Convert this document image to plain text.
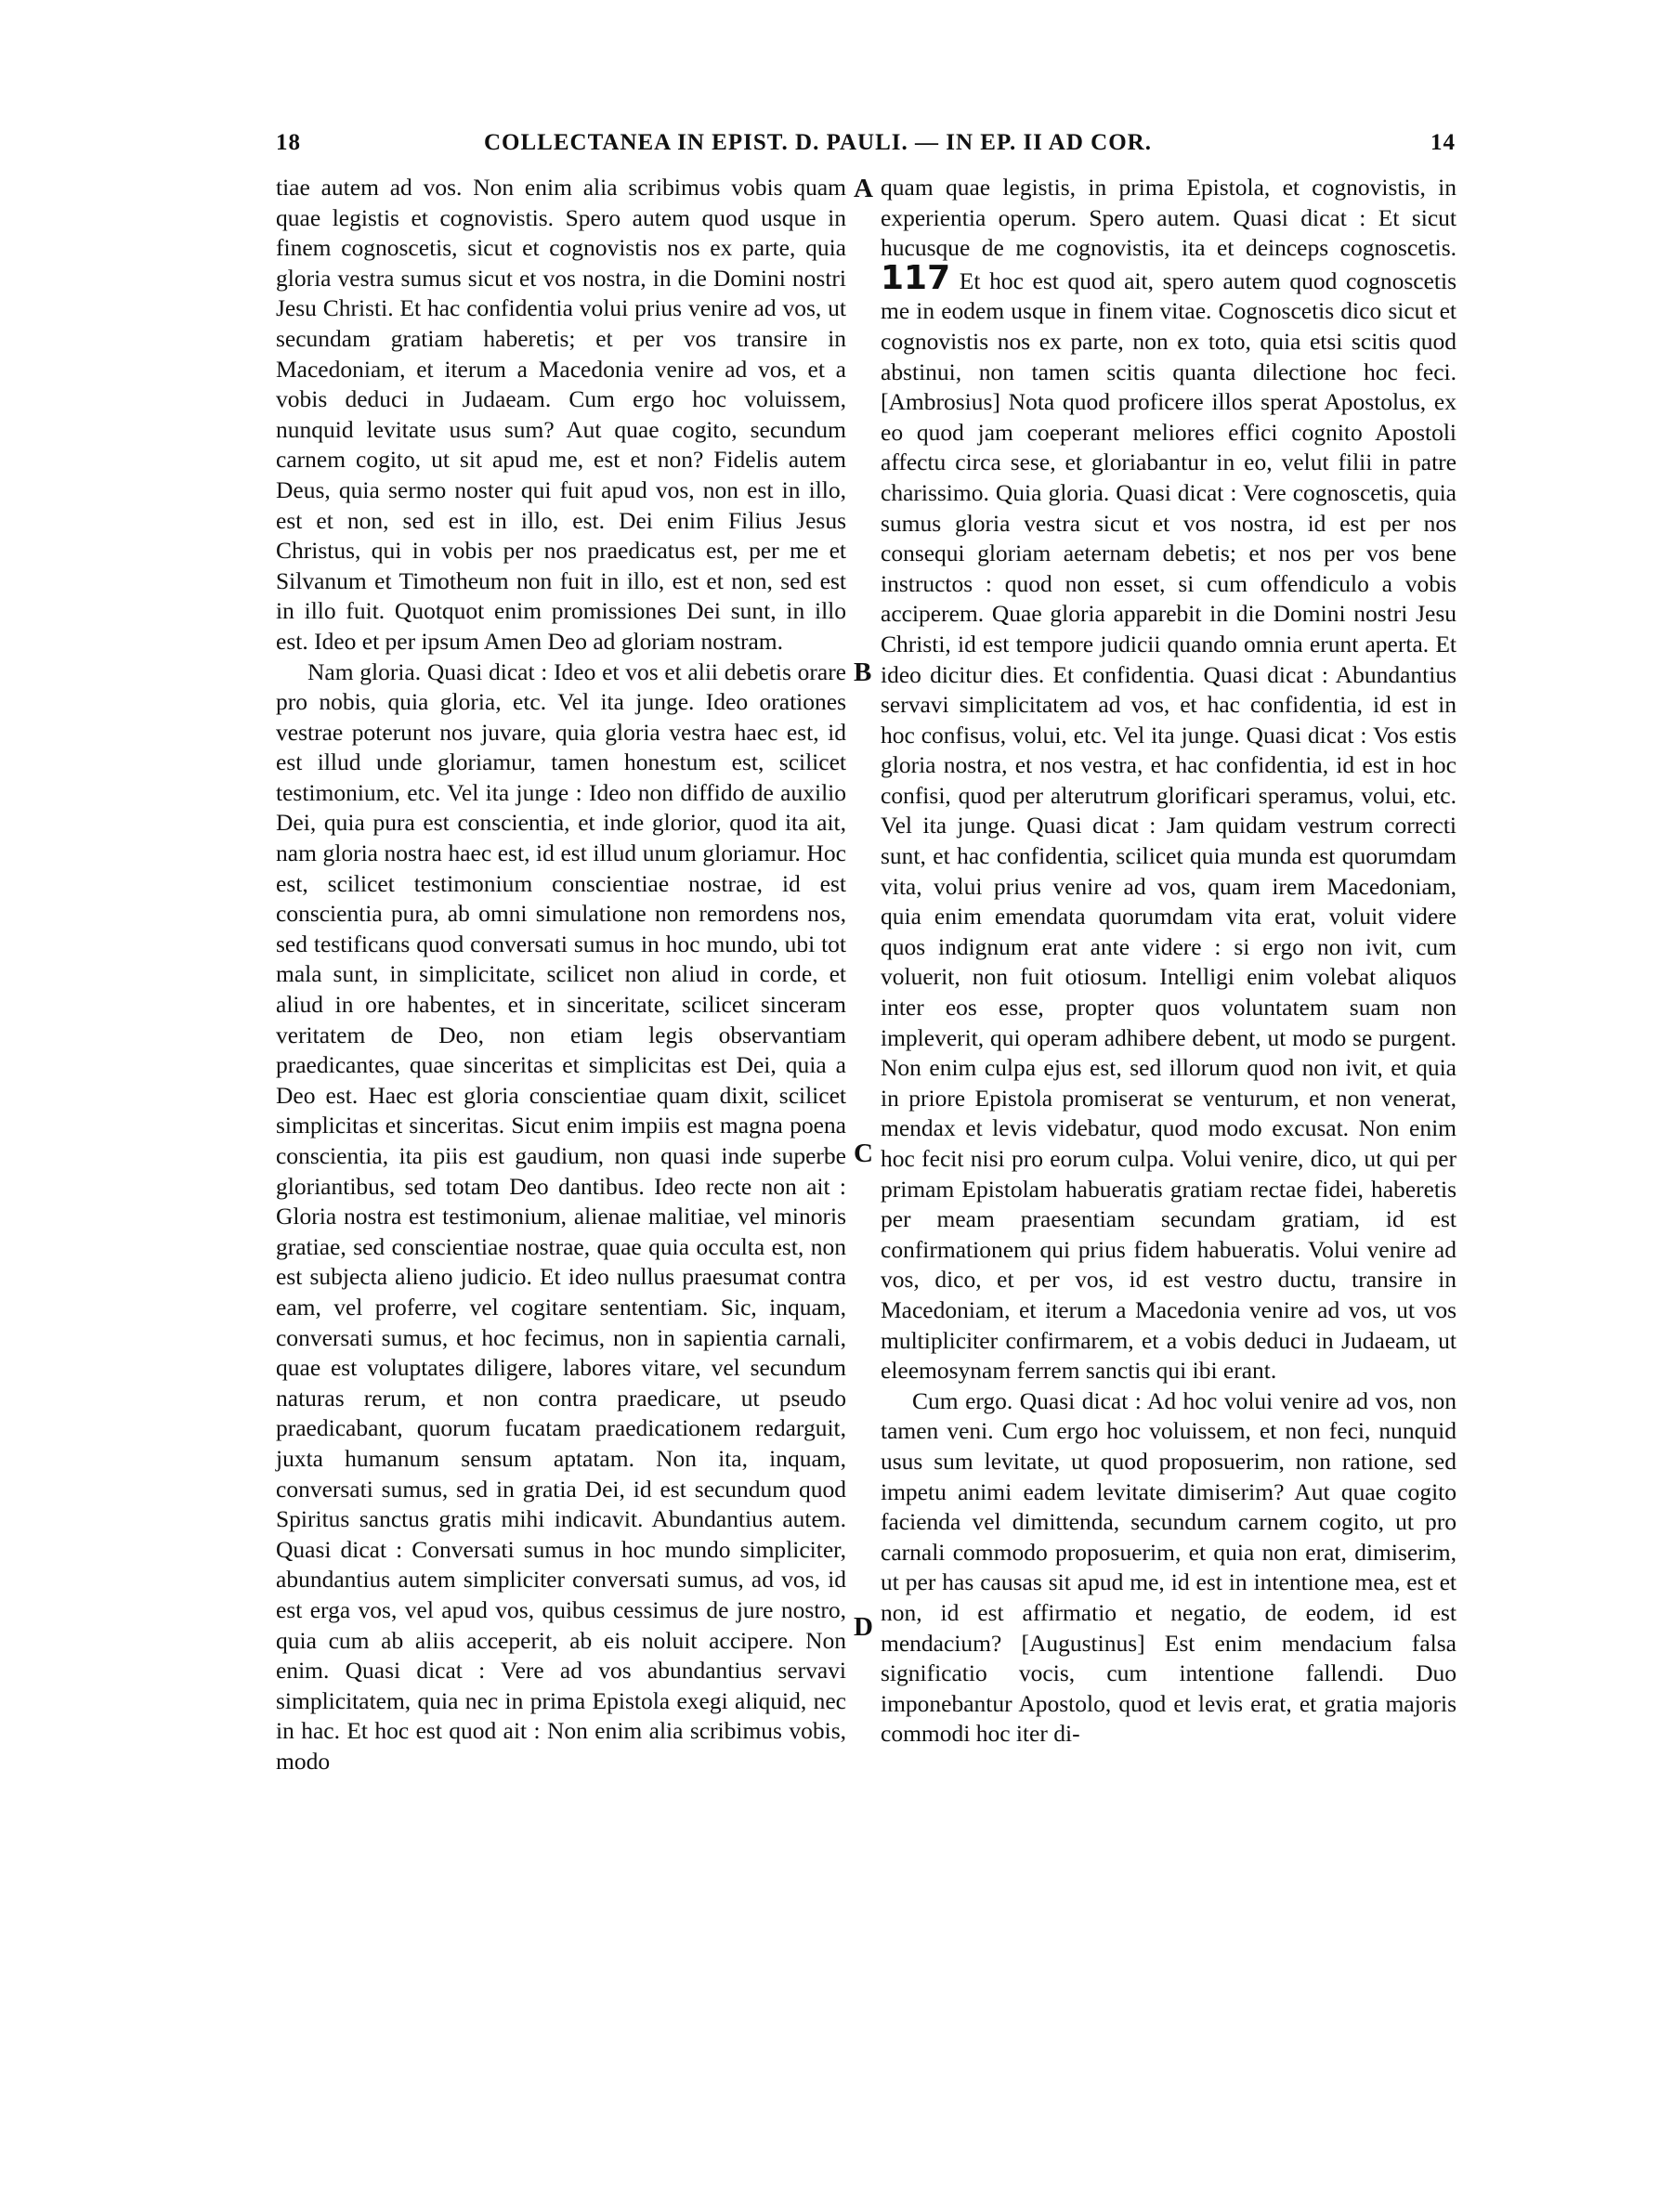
18	COLLECTANEA IN EPIST. D. PAULI. — IN EP. II AD COR.	14

tiae autem ad vos. Non enim alia scribimus vobis quam quae legistis et cognovistis. Spero autem quod usque in finem cognoscetis, sicut et cognovistis nos ex parte, quia gloria vestra sumus sicut et vos nostra, in die Domini nostri Jesu Christi. Et hac confidentia volui prius venire ad vos, ut secundam gratiam haberetis; et per vos transire in Macedoniam, et iterum a Macedonia venire ad vos, et a vobis deduci in Judaeam. Cum ergo hoc voluissem, nunquid levitate usus sum? Aut quae cogito, secundum carnem cogito, ut sit apud me, est et non? Fidelis autem Deus, quia sermo noster qui fuit apud vos, non est in illo, est et non, sed est in illo, est. Dei enim Filius Jesus Christus, qui in vobis per nos praedicatus est, per me et Silvanum et Timotheum non fuit in illo, est et non, sed est in illo fuit. Quotquot enim promissiones Dei sunt, in illo est. Ideo et per ipsum Amen Deo ad gloriam nostram.

Nam gloria. Quasi dicat : Ideo et vos et alii debetis orare pro nobis, quia gloria, etc. Vel ita junge. Ideo orationes vestrae poterunt nos juvare, quia gloria vestra haec est, id est illud unde gloriamur, tamen honestum est, scilicet testimonium, etc. Vel ita junge : Ideo non diffido de auxilio Dei, quia pura est conscientia, et inde glorior, quod ita ait, nam gloria nostra haec est, id est illud unum gloriamur. Hoc est, scilicet testimonium conscientiae nostrae, id est conscientia pura, ab omni simulatione non remordens nos, sed testificans quod conversati sumus in hoc mundo, ubi tot mala sunt, in simplicitate, scilicet non aliud in corde, et aliud in ore habentes, et in sinceritate, scilicet sinceram veritatem de Deo, non etiam legis observantiam praedicantes, quae sinceritas et simplicitas est Dei, quia a Deo est. Haec est gloria conscientiae quam dixit, scilicet simplicitas et sinceritas. Sicut enim impiis est magna poena conscientia, ita piis est gaudium, non quasi inde superbe gloriantibus, sed totam Deo dantibus. Ideo recte non ait : Gloria nostra est testimonium, alienae malitiae, vel minoris gratiae, sed conscientiae nostrae, quae quia occulta est, non est subjecta alieno judicio. Et ideo nullus praesumat contra eam, vel proferre, vel cogitare sententiam. Sic, inquam, conversati sumus, et hoc fecimus, non in sapientia carnali, quae est voluptates diligere, labores vitare, vel secundum naturas rerum, et non contra praedicare, ut pseudo praedicabant, quorum fucatam praedicationem redarguit, juxta humanum sensum aptatam. Non ita, inquam, conversati sumus, sed in gratia Dei, id est secundum quod Spiritus sanctus gratis mihi indicavit. Abundantius autem. Quasi dicat : Conversati sumus in hoc mundo simpliciter, abundantius autem simpliciter conversati sumus, ad vos, id est erga vos, vel apud vos, quibus cessimus de jure nostro, quia cum ab aliis acceperit, ab eis noluit accipere. Non enim. Quasi dicat : Vere ad vos abundantius servavi simplicitatem, quia nec in prima Epistola exegi aliquid, nec in hac. Et hoc est quod ait : Non enim alia scribimus vobis, modo

A
B
C
D

quam quae legistis, in prima Epistola, et cognovistis, in experientia operum. Spero autem. Quasi dicat : Et sicut hucusque de me cognovistis, ita et deinceps cognoscetis. 117 Et hoc est quod ait, spero autem quod cognoscetis me in eodem usque in finem vitae. Cognoscetis dico sicut et cognovistis nos ex parte, non ex toto, quia etsi scitis quod abstinui, non tamen scitis quanta dilectione hoc feci. [Ambrosius] Nota quod proficere illos sperat Apostolus, ex eo quod jam coeperant meliores effici cognito Apostoli affectu circa sese, et gloriabantur in eo, velut filii in patre charissimo. Quia gloria. Quasi dicat : Vere cognoscetis, quia sumus gloria vestra sicut et vos nostra, id est per nos consequi gloriam aeternam debetis; et nos per vos bene instructos : quod non esset, si cum offendiculo a vobis acciperem. Quae gloria apparebit in die Domini nostri Jesu Christi, id est tempore judicii quando omnia erunt aperta. Et ideo dicitur dies. Et confidentia. Quasi dicat : Abundantius servavi simplicitatem ad vos, et hac confidentia, id est in hoc confisus, volui, etc. Vel ita junge. Quasi dicat : Vos estis gloria nostra, et nos vestra, et hac confidentia, id est in hoc confisi, quod per alterutrum glorificari speramus, volui, etc. Vel ita junge. Quasi dicat : Jam quidam vestrum correcti sunt, et hac confidentia, scilicet quia munda est quorumdam vita, volui prius venire ad vos, quam irem Macedoniam, quia enim emendata quorumdam vita erat, voluit videre quos indignum erat ante videre : si ergo non ivit, cum voluerit, non fuit otiosum. Intelligi enim volebat aliquos inter eos esse, propter quos voluntatem suam non impleverit, qui operam adhibere debent, ut modo se purgent. Non enim culpa ejus est, sed illorum quod non ivit, et quia in priore Epistola promiserat se venturum, et non venerat, mendax et levis videbatur, quod modo excusat. Non enim hoc fecit nisi pro eorum culpa. Volui venire, dico, ut qui per primam Epistolam habueratis gratiam rectae fidei, haberetis per meam praesentiam secundam gratiam, id est confirmationem qui prius fidem habueratis. Volui venire ad vos, dico, et per vos, id est vestro ductu, transire in Macedoniam, et iterum a Macedonia venire ad vos, ut vos multipliciter confirmarem, et a vobis deduci in Judaeam, ut eleemosynam ferrem sanctis qui ibi erant.

Cum ergo. Quasi dicat : Ad hoc volui venire ad vos, non tamen veni. Cum ergo hoc voluissem, et non feci, nunquid usus sum levitate, ut quod proposuerim, non ratione, sed impetu animi eadem levitate dimiserim? Aut quae cogito facienda vel dimittenda, secundum carnem cogito, ut pro carnali commodo proposuerim, et quia non erat, dimiserim, ut per has causas sit apud me, id est in intentione mea, est et non, id est affirmatio et negatio, de eodem, id est mendacium? [Augustinus] Est enim mendacium falsa significatio vocis, cum intentione fallendi. Duo imponebantur Apostolo, quod et levis erat, et gratia majoris commodi hoc iter di-
